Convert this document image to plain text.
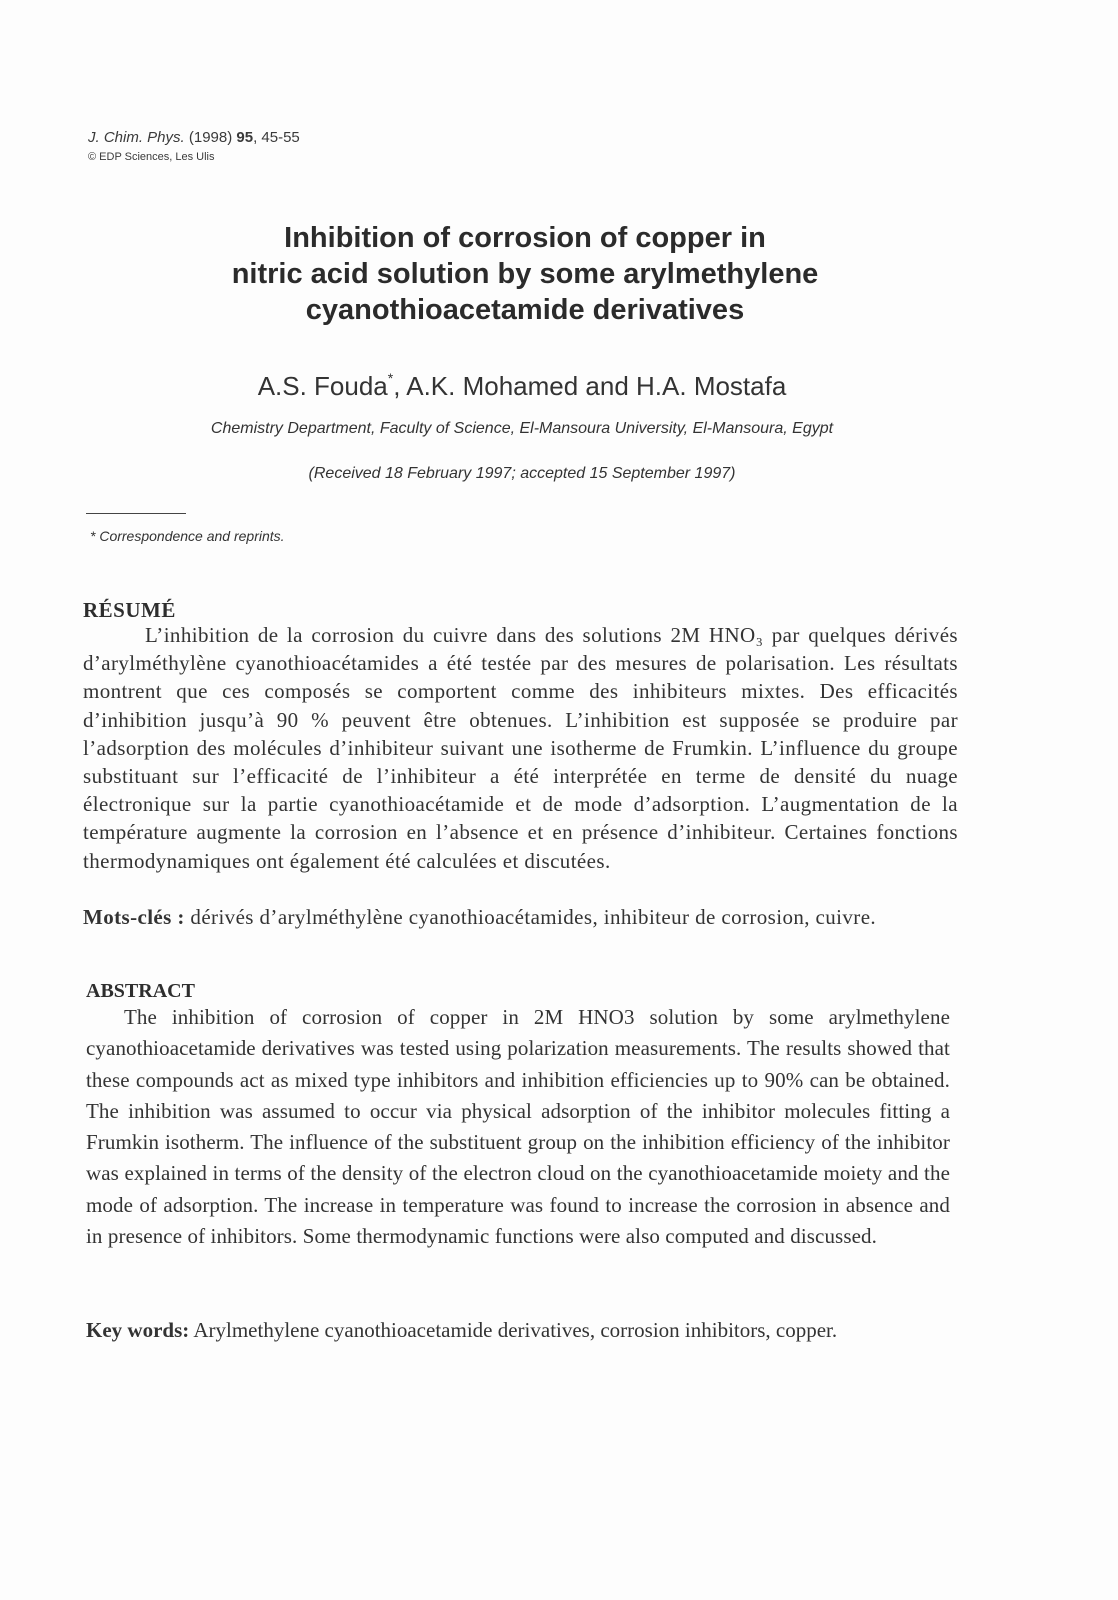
J. Chim. Phys. (1998) 95, 45-55
© EDP Sciences, Les Ulis
Inhibition of corrosion of copper in
nitric acid solution by some arylmethylene
cyanothioacetamide derivatives
A.S. Fouda*, A.K. Mohamed and H.A. Mostafa
Chemistry Department, Faculty of Science, El-Mansoura University, El-Mansoura, Egypt
(Received 18 February 1997; accepted 15 September 1997)
* Correspondence and reprints.
RÉSUMÉ
L’inhibition de la corrosion du cuivre dans des solutions 2M HNO₃ par quelques dérivés d’arylméthylène cyanothioacétamides a été testée par des mesures de polarisation. Les résultats montrent que ces composés se comportent comme des inhibiteurs mixtes. Des efficacités d’inhibition jusqu’à 90 % peuvent être obtenues. L’inhibition est supposée se produire par l’adsorption des molécules d’inhibiteur suivant une isotherme de Frumkin. L’influence du groupe substituant sur l’efficacité de l’inhibiteur a été interprétée en terme de densité du nuage électronique sur la partie cyanothioacétamide et de mode d’adsorption. L’augmentation de la température augmente la corrosion en l’absence et en présence d’inhibiteur. Certaines fonctions thermodynamiques ont également été calculées et discutées.
Mots-clés : dérivés d’arylméthylène cyanothioacétamides, inhibiteur de corrosion, cuivre.
ABSTRACT
The inhibition of corrosion of copper in 2M HNO3 solution by some arylmethylene cyanothioacetamide derivatives was tested using polarization measurements. The results showed that these compounds act as mixed type inhibitors and inhibition efficiencies up to 90% can be obtained. The inhibition was assumed to occur via physical adsorption of the inhibitor molecules fitting a Frumkin isotherm. The influence of the substituent group on the inhibition efficiency of the inhibitor was explained in terms of the density of the electron cloud on the cyanothioacetamide moiety and the mode of adsorption. The increase in temperature was found to increase the corrosion in absence and in presence of inhibitors. Some thermodynamic functions were also computed and discussed.
Key words: Arylmethylene cyanothioacetamide derivatives, corrosion inhibitors, copper.
